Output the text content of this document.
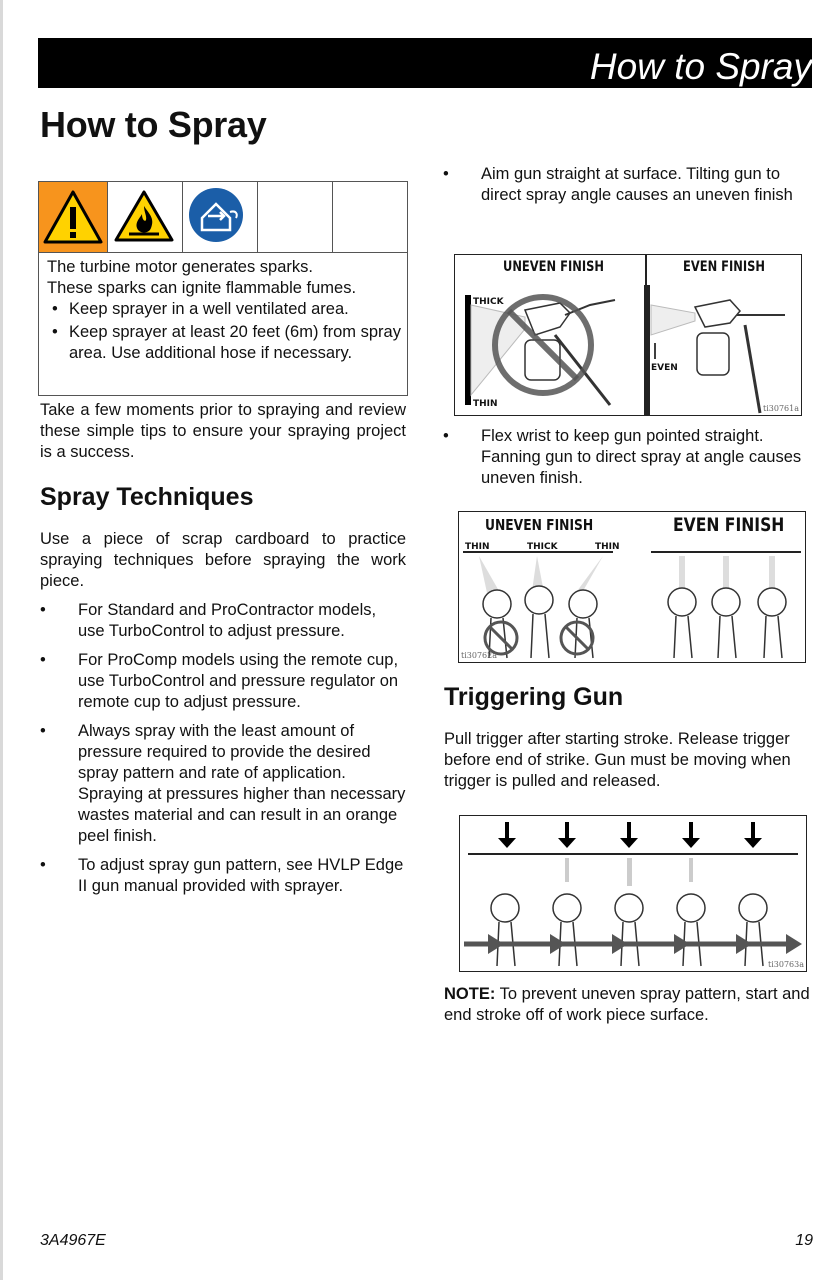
How to Spray
How to Spray
The turbine motor generates sparks.
These sparks can ignite flammable fumes.
• Keep sprayer in a well ventilated area.
• Keep sprayer at least 20 feet (6m) from spray area. Use additional hose if necessary.
Take a few moments prior to spraying and review these simple tips to ensure your spraying project is a success.
Spray Techniques
Use a piece of scrap cardboard to practice spraying techniques before spraying the work piece.
• For Standard and ProContractor models, use TurboControl to adjust pressure.
• For ProComp models using the remote cup, use TurboControl and pressure regulator on remote cup to adjust pressure.
• Always spray with the least amount of pressure required to provide the desired spray pattern and rate of application. Spraying at pressures higher than necessary wastes material and can result in an orange peel finish.
• To adjust spray gun pattern, see HVLP Edge II gun manual provided with sprayer.
• Aim gun straight at surface. Tilting gun to direct spray angle causes an uneven finish
UNEVEN FINISH	EVEN FINISH
THICK
THIN
EVEN
ti30761a
• Flex wrist to keep gun pointed straight. Fanning gun to direct spray at angle causes uneven finish.
UNEVEN FINISH	EVEN FINISH
THIN	THICK	THIN
ti30762a
Triggering Gun
Pull trigger after starting stroke. Release trigger before end of strike. Gun must be moving when trigger is pulled and released.
ti30763a
NOTE: To prevent uneven spray pattern, start and end stroke off of work piece surface.
3A4967E	19
